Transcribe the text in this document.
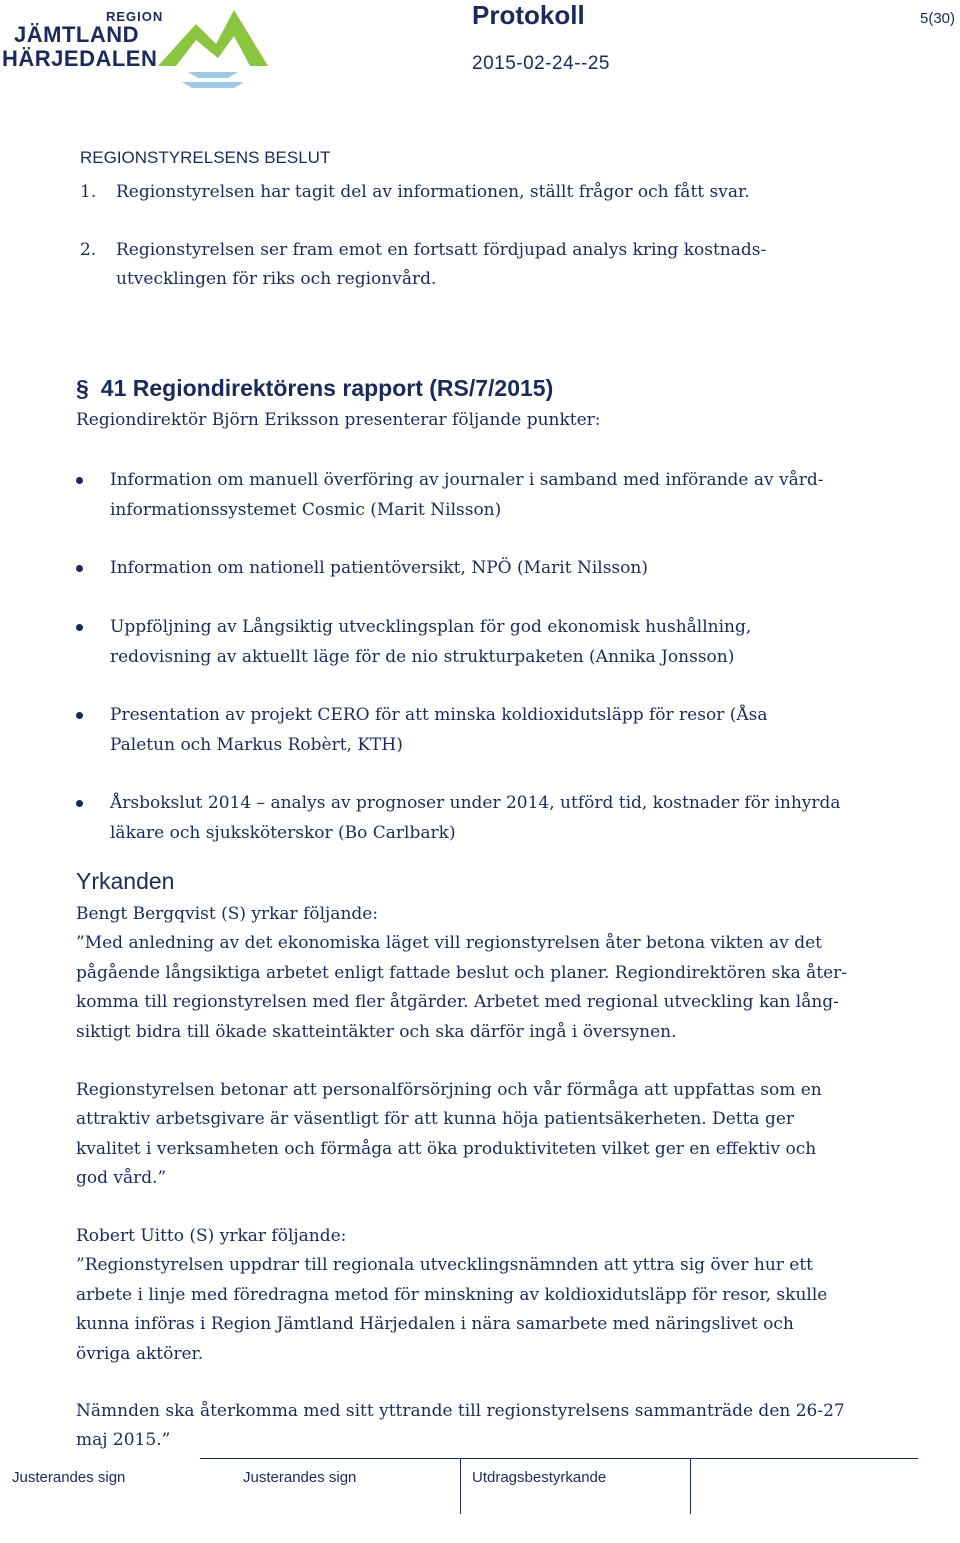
REGION
JÄMTLAND
HÄRJEDALEN
Protokoll
2015-02-24--25
5(30)
REGIONSTYRELSENS BESLUT
1. Regionstyrelsen har tagit del av informationen, ställt frågor och fått svar.
2. Regionstyrelsen ser fram emot en fortsatt fördjupad analys kring kostnads-
utvecklingen för riks och regionvård.
§ 41 Regiondirektörens rapport (RS/7/2015)
Regiondirektör Björn Eriksson presenterar följande punkter:
Information om manuell överföring av journaler i samband med införande av vård-
informationssystemet Cosmic (Marit Nilsson)
Information om nationell patientöversikt, NPÖ (Marit Nilsson)
Uppföljning av Långsiktig utvecklingsplan för god ekonomisk hushållning,
redovisning av aktuellt läge för de nio strukturpaketen (Annika Jonsson)
Presentation av projekt CERO för att minska koldioxidutsläpp för resor (Åsa
Paletun och Markus Robèrt, KTH)
Årsbokslut 2014 – analys av prognoser under 2014, utförd tid, kostnader för inhyrda
läkare och sjuksköterskor (Bo Carlbark)
Yrkanden
Bengt Bergqvist (S) yrkar följande:
”Med anledning av det ekonomiska läget vill regionstyrelsen åter betona vikten av det
pågående långsiktiga arbetet enligt fattade beslut och planer. Regiondirektören ska åter-
komma till regionstyrelsen med fler åtgärder. Arbetet med regional utveckling kan lång-
siktigt bidra till ökade skatteintäkter och ska därför ingå i översynen.
Regionstyrelsen betonar att personalförsörjning och vår förmåga att uppfattas som en
attraktiv arbetsgivare är väsentligt för att kunna höja patientsäkerheten. Detta ger
kvalitet i verksamheten och förmåga att öka produktiviteten vilket ger en effektiv och
god vård.”
Robert Uitto (S) yrkar följande:
”Regionstyrelsen uppdrar till regionala utvecklingsnämnden att yttra sig över hur ett
arbete i linje med föredragna metod för minskning av koldioxidutsläpp för resor, skulle
kunna införas i Region Jämtland Härjedalen i nära samarbete med näringslivet och
övriga aktörer.
Nämnden ska återkomma med sitt yttrande till regionstyrelsens sammanträde den 26-27
maj 2015.”
Justerandes sign	Justerandes sign	Utdragsbestyrkande
